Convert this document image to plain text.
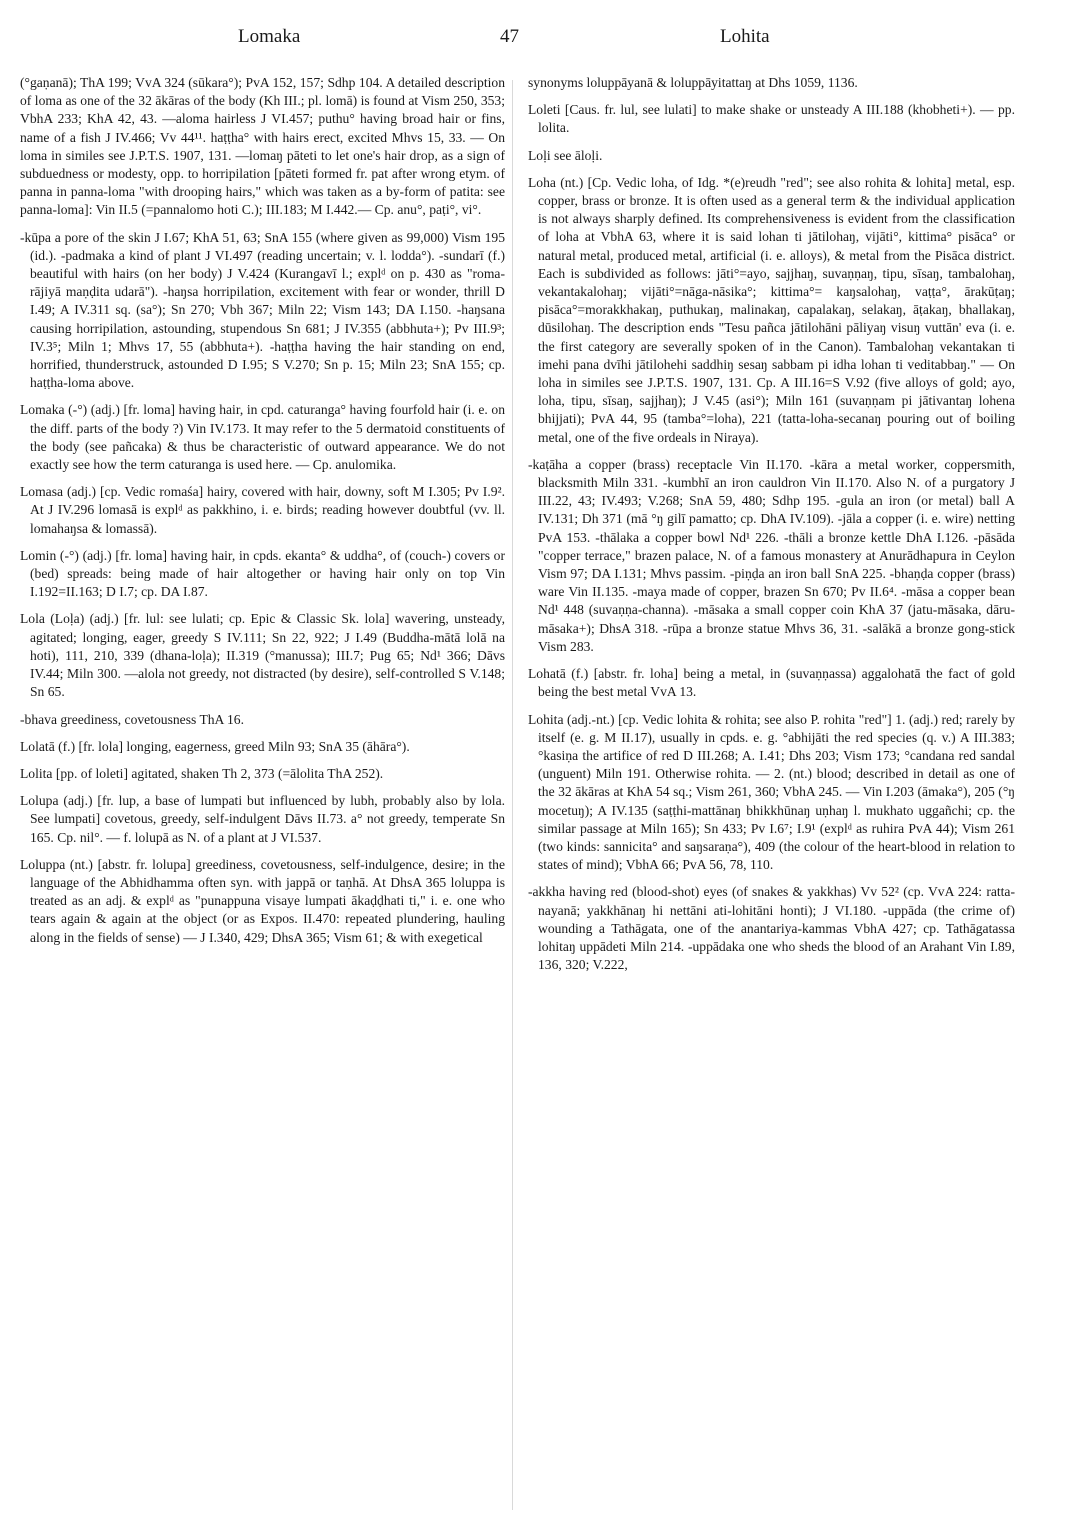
Lomaka	47	Lohita

(°gaṇanā); ThA 199; VvA 324 (sūkara°); PvA 152, 157; Sdhp 104. A detailed description of loma as one of the 32 ākāras of the body (Kh III.; pl. lomā) is found at Vism 250, 353; VbhA 233; KhA 42, 43. —aloma hairless J VI.457; puthu° having broad hair or fins, name of a fish J IV.466; Vv 44¹¹. haṭṭha° with hairs erect, excited Mhvs 15, 33. — On loma in similes see J.P.T.S. 1907, 131. —lomaŋ pāteti to let one's hair drop, as a sign of subduedness or modesty, opp. to horripilation [pāteti formed fr. pat after wrong etym. of panna in panna-loma "with drooping hairs," which was taken as a by-form of patita: see panna-loma]: Vin II.5 (=pannalomo hoti C.); III.183; M I.442.— Cp. anu°, paṭi°, vi°.

-kūpa a pore of the skin J I.67; KhA 51, 63; SnA 155 (where given as 99,000) Vism 195 (id.). -padmaka a kind of plant J VI.497 (reading uncertain; v. l. lodda°). -sundarī (f.) beautiful with hairs (on her body) J V.424 (Kurangavī l.; explᵈ on p. 430 as "roma-rājiyā maṇḍita udarā"). -haŋsa horripilation, excitement with fear or wonder, thrill D I.49; A IV.311 sq. (sa°); Sn 270; Vbh 367; Miln 22; Vism 143; DA I.150. -haŋsana causing horripilation, astounding, stupendous Sn 681; J IV.355 (abbhuta+); Pv III.9³; IV.3⁵; Miln 1; Mhvs 17, 55 (abbhuta+). -haṭṭha having the hair standing on end, horrified, thunderstruck, astounded D I.95; S V.270; Sn p. 15; Miln 23; SnA 155; cp. haṭṭha-loma above.

Lomaka (-°) (adj.) [fr. loma] having hair, in cpd. caturanga° having fourfold hair (i. e. on the diff. parts of the body ?) Vin IV.173. It may refer to the 5 dermatoid constituents of the body (see pañcaka) & thus be characteristic of outward appearance. We do not exactly see how the term caturanga is used here. — Cp. anulomika.

Lomasa (adj.) [cp. Vedic romaśa] hairy, covered with hair, downy, soft M I.305; Pv I.9². At J IV.296 lomasā is explᵈ as pakkhino, i. e. birds; reading however doubtful (vv. ll. lomahaŋsa & lomassā).

Lomin (-°) (adj.) [fr. loma] having hair, in cpds. ekanta° & uddha°, of (couch-) covers or (bed) spreads: being made of hair altogether or having hair only on top Vin I.192=II.163; D I.7; cp. DA I.87.

Lola (Loḷa) (adj.) [fr. lul: see lulati; cp. Epic & Classic Sk. lola] wavering, unsteady, agitated; longing, eager, greedy S IV.111; Sn 22, 922; J I.49 (Buddha-mātā lolā na hoti), 111, 210, 339 (dhana-loḷa); II.319 (°manussa); III.7; Pug 65; Nd¹ 366; Dāvs IV.44; Miln 300. —alola not greedy, not distracted (by desire), self-controlled S V.148; Sn 65.

-bhava greediness, covetousness ThA 16.

Lolatā (f.) [fr. lola] longing, eagerness, greed Miln 93; SnA 35 (āhāra°).

Lolita [pp. of loleti] agitated, shaken Th 2, 373 (=ālolita ThA 252).

Lolupa (adj.) [fr. lup, a base of lumpati but influenced by lubh, probably also by lola. See lumpati] covetous, greedy, self-indulgent Dāvs II.73. a° not greedy, temperate Sn 165. Cp. nil°. — f. lolupā as N. of a plant at J VI.537.

Loluppa (nt.) [abstr. fr. lolupa] greediness, covetousness, self-indulgence, desire; in the language of the Abhidhamma often syn. with jappā or taṇhā. At DhsA 365 loluppa is treated as an adj. & explᵈ as "punappuna visaye lumpati ākaḍḍhati ti," i. e. one who tears again & again at the object (or as Expos. II.470: repeated plundering, hauling along in the fields of sense) — J I.340, 429; DhsA 365; Vism 61; & with exegetical

synonyms loluppāyanā & loluppāyitattaŋ at Dhs 1059, 1136.

Loleti [Caus. fr. lul, see lulati] to make shake or unsteady A III.188 (khobheti+). — pp. lolita.

Loḷi see āloḷi.

Loha (nt.) [Cp. Vedic loha, of Idg. *(e)reudh "red"; see also rohita & lohita] metal, esp. copper, brass or bronze. It is often used as a general term & the individual application is not always sharply defined. Its comprehensiveness is evident from the classification of loha at VbhA 63, where it is said lohan ti jātilohaŋ, vijāti°, kittima° pisāca° or natural metal, produced metal, artificial (i. e. alloys), & metal from the Pisāca district. Each is subdivided as follows: jāti°=ayo, sajjhaŋ, suvaṇṇaŋ, tipu, sīsaŋ, tambalohaŋ, vekantakalohaŋ; vijāti°=nāga-nāsika°; kittima°= kaŋsalohaŋ, vaṭṭa°, ārakūṭaŋ; pisāca°=morakkhakaŋ, puthukaŋ, malinakaŋ, capalakaŋ, selakaŋ, āṭakaŋ, bhallakaŋ, dūsilohaŋ. The description ends "Tesu pañca jātilohāni pāliyaŋ visuŋ vuttān' eva (i. e. the first category are severally spoken of in the Canon). Tambalohaŋ vekantakan ti imehi pana dvīhi jātilohehi saddhiŋ sesaŋ sabbam pi idha lohan ti veditabbaŋ." — On loha in similes see J.P.T.S. 1907, 131. Cp. A III.16=S V.92 (five alloys of gold; ayo, loha, tipu, sīsaŋ, sajjhaŋ); J V.45 (asi°); Miln 161 (suvaṇṇam pi jātivantaŋ lohena bhijjati); PvA 44, 95 (tamba°=loha), 221 (tatta-loha-secanaŋ pouring out of boiling metal, one of the five ordeals in Niraya).

-kaṭāha a copper (brass) receptacle Vin II.170. -kāra a metal worker, coppersmith, blacksmith Miln 331. -kumbhī an iron cauldron Vin II.170. Also N. of a purgatory J III.22, 43; IV.493; V.268; SnA 59, 480; Sdhp 195. -gula an iron (or metal) ball A IV.131; Dh 371 (mā °ŋ gilī pamatto; cp. DhA IV.109). -jāla a copper (i. e. wire) netting PvA 153. -thālaka a copper bowl Nd¹ 226. -thāli a bronze kettle DhA I.126. -pāsāda "copper terrace," brazen palace, N. of a famous monastery at Anurādhapura in Ceylon Vism 97; DA I.131; Mhvs passim. -piṇḍa an iron ball SnA 225. -bhaṇḍa copper (brass) ware Vin II.135. -maya made of copper, brazen Sn 670; Pv II.6⁴. -māsa a copper bean Nd¹ 448 (suvaṇṇa-channa). -māsaka a small copper coin KhA 37 (jatu-māsaka, dāru-māsaka+); DhsA 318. -rūpa a bronze statue Mhvs 36, 31. -salākā a bronze gong-stick Vism 283.

Lohatā (f.) [abstr. fr. loha] being a metal, in (suvaṇṇassa) aggalohatā the fact of gold being the best metal VvA 13.

Lohita (adj.-nt.) [cp. Vedic lohita & rohita; see also P. rohita "red"] 1. (adj.) red; rarely by itself (e. g. M II.17), usually in cpds. e. g. °abhijāti the red species (q. v.) A III.383; °kasiṇa the artifice of red D III.268; A. I.41; Dhs 203; Vism 173; °candana red sandal (unguent) Miln 191. Otherwise rohita. — 2. (nt.) blood; described in detail as one of the 32 ākāras at KhA 54 sq.; Vism 261, 360; VbhA 245. — Vin I.203 (āmaka°), 205 (°ŋ mocetuŋ); A IV.135 (saṭṭhi-mattānaŋ bhikkhūnaŋ uṇhaŋ l. mukhato uggañchi; cp. the similar passage at Miln 165); Sn 433; Pv I.6⁷; I.9¹ (explᵈ as ruhira PvA 44); Vism 261 (two kinds: sannicita° and saŋsaraṇa°), 409 (the colour of the heart-blood in relation to states of mind); VbhA 66; PvA 56, 78, 110.

-akkha having red (blood-shot) eyes (of snakes & yakkhas) Vv 52² (cp. VvA 224: ratta-nayanā; yakkhānaŋ hi nettāni ati-lohitāni honti); J VI.180. -uppāda (the crime of) wounding a Tathāgata, one of the anantariya-kammas VbhA 427; cp. Tathāgatassa lohitaŋ uppādeti Miln 214. -uppādaka one who sheds the blood of an Arahant Vin I.89, 136, 320; V.222,
